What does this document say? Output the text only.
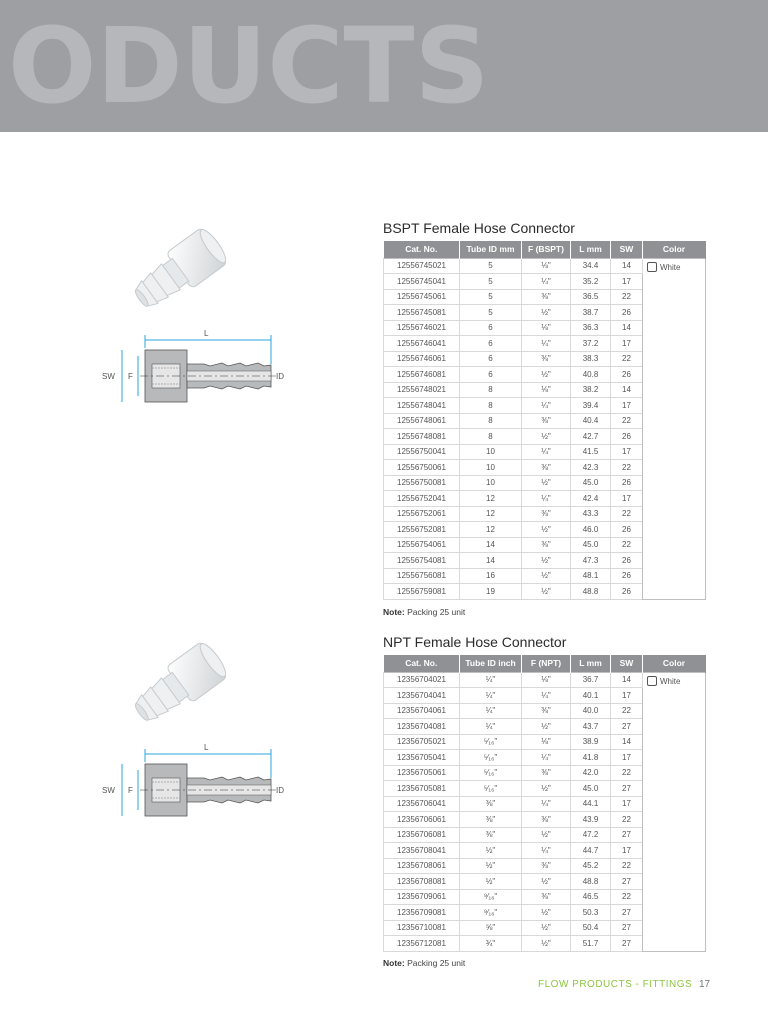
ODUCTS
L
SW F	ID
BSPT Female Hose Connector
Cat. No.	Tube ID mm	F (BSPT)	L mm	SW	Color
12556745021	5	⅛"	34.4	14	White
12556745041	5	¼"	35.2	17	
12556745061	5	⅜"	36.5	22	
12556745081	5	½"	38.7	26	
12556746021	6	⅛"	36.3	14	
12556746041	6	¼"	37.2	17	
12556746061	6	⅜"	38.3	22	
12556746081	6	½"	40.8	26	
12556748021	8	⅛"	38.2	14	
12556748041	8	¼"	39.4	17	
12556748061	8	⅜"	40.4	22	
12556748081	8	½"	42.7	26	
12556750041	10	¼"	41.5	17	
12556750061	10	⅜"	42.3	22	
12556750081	10	½"	45.0	26	
12556752041	12	¼"	42.4	17	
12556752061	12	⅜"	43.3	22	
12556752081	12	½"	46.0	26	
12556754061	14	⅜"	45.0	22	
12556754081	14	½"	47.3	26	
12556756081	16	½"	48.1	26	
12556759081	19	½"	48.8	26	
Note: Packing 25 unit
L
SW F	ID
NPT Female Hose Connector
Cat. No.	Tube ID inch	F (NPT)	L mm	SW	Color
12356704021	¼"	⅛"	36.7	14	White
12356704041	¼"	¼"	40.1	17	
12356704061	¼"	⅜"	40.0	22	
12356704081	¼"	½"	43.7	27	
12356705021	⁵⁄₁₆"	⅛"	38.9	14	
12356705041	⁵⁄₁₆"	¼"	41.8	17	
12356705061	⁵⁄₁₆"	⅜"	42.0	22	
12356705081	⁵⁄₁₆"	½"	45.0	27	
12356706041	⅜"	¼"	44.1	17	
12356706061	⅜"	⅜"	43.9	22	
12356706081	⅜"	½"	47.2	27	
12356708041	½"	¼"	44.7	17	
12356708061	½"	⅜"	45.2	22	
12356708081	½"	½"	48.8	27	
12356709061	⁹⁄₁₆"	⅜"	46.5	22	
12356709081	⁹⁄₁₆"	½"	50.3	27	
12356710081	⅝"	½"	50.4	27	
12356712081	¾"	½"	51.7	27	
Note: Packing 25 unit
FLOW PRODUCTS - FITTINGS 17
